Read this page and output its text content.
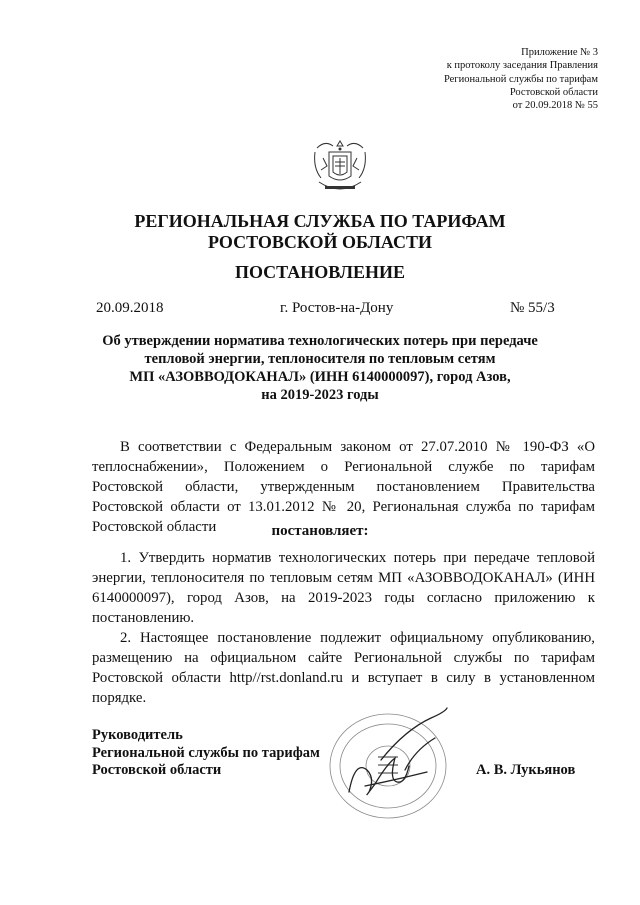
Приложение № 3
к протоколу заседания Правления
Региональной службы по тарифам
Ростовской области
от 20.09.2018 № 55
РЕГИОНАЛЬНАЯ СЛУЖБА ПО ТАРИФАМ
РОСТОВСКОЙ ОБЛАСТИ
ПОСТАНОВЛЕНИЕ
20.09.2018	г. Ростов-на-Дону	№ 55/3
Об утверждении норматива технологических потерь при передаче
тепловой энергии, теплоносителя по тепловым сетям
МП «АЗОВВОДОКАНАЛ» (ИНН 6140000097), город Азов,
на 2019-2023 годы

В соответствии с Федеральным законом от 27.07.2010 № 190-ФЗ «О теплоснабжении», Положением о Региональной службе по тарифам Ростовской области, утвержденным постановлением Правительства Ростовской области от 13.01.2012 № 20, Региональная служба по тарифам Ростовской области	постановляет:

1. Утвердить норматив технологических потерь при передаче тепловой энергии, теплоносителя по тепловым сетям МП «АЗОВВОДОКАНАЛ» (ИНН 6140000097), город Азов, на 2019-2023 годы согласно приложению к постановлению.

2. Настоящее постановление подлежит официальному опубликованию, размещению на официальном сайте Региональной службы по тарифам Ростовской области http//rst.donland.ru и вступает в силу в установленном порядке.

Руководитель
Региональной службы по тарифам
Ростовской области	А. В. Лукьянов
